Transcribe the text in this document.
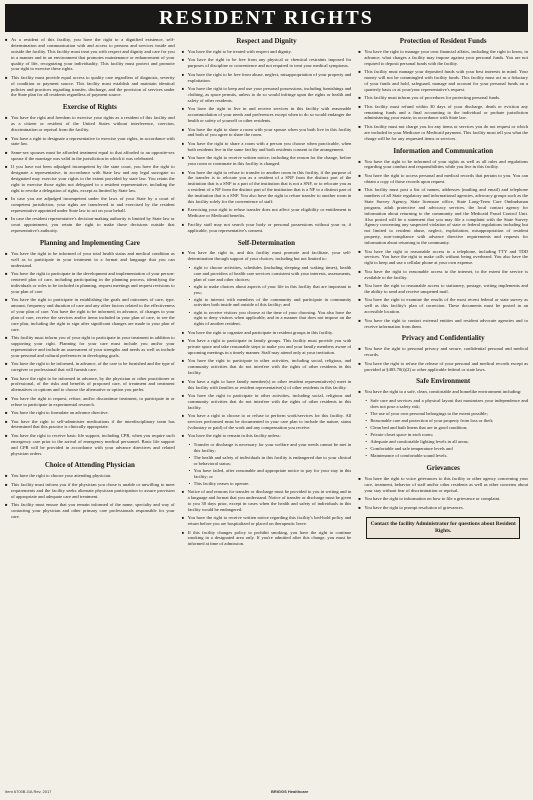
RESIDENT RIGHTS

■ As a resident of this facility, you have the right to a dignified existence, self-determination and communication with and access to persons and services inside and outside the facility. This facility must treat you with respect and dignity and care for you in a manner and in an environment that promotes maintenance or enhancement of your quality of life, recognizing your individuality. This facility must protect and promote your right to exercise these rights.

■ This facility must provide equal access to quality care regardless of diagnosis, severity of condition or payment source. This facility must establish and maintain identical policies and practices regarding transfer, discharge, and the provision of services under the State plan for all residents regardless of payment source.

Exercise of Rights

■ You have the right and freedom to exercise your rights as a resident of this facility and as a citizen or resident of the United States without interference, coercion, discrimination or reprisal from the facility.

■ You have a right to designate a representative to exercise your rights, in accordance with state law.

■ Same-sex spouses must be afforded treatment equal to that afforded to an opposite-sex spouse if the marriage was valid in the jurisdiction in which it was celebrated.

■ If you have not been adjudged incompetent by the state court, you have the right to designate a representative, in accordance with State law and any legal surrogate so designated may exercise your rights to the extent provided by state law. You retain the right to exercise those rights not delegated to a resident representative, including the right to revoke a delegation of rights, except as limited by State law.

■ In case you are adjudged incompetent under the laws of your State by a court of competent jurisdiction, your rights are transferred to and exercised by the resident representative appointed under State law to act on your behalf.

■ In case the resident representative's decision-making authority is limited by State law or court appointment, you retain the right to make those decisions outside that representative's authority.

Planning and Implementing Care

■ You have the right to be informed of your total health status and medical condition as well as to participate in your treatment in a format and language that you can understand.

■ You have the right to participate in the development and implementation of your person-centered plan of care, including participating in the planning process, identifying the individuals or roles to be included in planning, request meetings and request revisions to your plan of care.

■ You have the right to participate in establishing the goals and outcomes of care, type, amount, frequency and duration of care and any other factors related to the effectiveness of your plan of care. You have the right to be informed, in advance, of changes to your plan of care, receive the services and/or items included in your plan of care, to see the care plan, including the right to sign after significant changes are made to your plan of care.

■ This facility must inform you of your right to participate in your treatment in addition to supporting your right. Planning for your care must include you and/or your representative and include an assessment of your strengths and needs as well as include your personal and cultural preferences in developing goals.

■ You have the right to be informed, in advance, of the care to be furnished and the type of caregiver or professional that will furnish care.

■ You have the right to be informed in advance, by the physician or other practitioner or professional, of the risks and benefits of proposed care, of treatment and treatment alternatives or options and to choose the alternative or option you prefer.

■ You have the right to request, refuse, and/or discontinue treatment, to participate in or refuse to participate in experimental research.

■ You have the right to formulate an advance directive.

■ You have the right to self-administer medications if the interdisciplinary team has determined that this practice is clinically appropriate.

■ You have the right to receive basic life support, including CPR, when you require such emergency care prior to the arrival of emergency medical personnel. Basic life support and CPR will be provided in accordance with your advance directives and related physician orders.

Choice of Attending Physician

■ You have the right to choose your attending physician.

■ This facility must inform you if the physician you chose is unable or unwilling to meet requirements and the facility seeks alternate physician participation to assure provision of appropriate and adequate care and treatment.

■ This facility must ensure that you remain informed of the name, specialty and way of contacting your physician and other primary care professionals responsible for your care.

Respect and Dignity

■ You have the right to be treated with respect and dignity.

■ You have the right to be free from any physical or chemical restraints imposed for purposes of discipline or convenience and not required to treat your medical symptoms.

■ You have the right to be free from abuse, neglect, misappropriation of your property and exploitation.

■ You have the right to keep and use your personal possessions, including furnishings and clothing, as space permits, unless to do so would infringe upon the rights or health and safety of other residents.

■ You have the right to live in and receive services in this facility with reasonable accommodation of your needs and preferences except when to do so would endanger the health or safety of yourself or other residents.

■ You have the right to share a room with your spouse when you both live in this facility and both of you agree to share the room.

■ You have the right to share a room with a person you choose when practicable, when both residents live in the same facility and both residents consent to the arrangement.

■ You have the right to receive written notice, including the reason for the change, before your room or roommate in this facility is changed.

■ You have the right to refuse to transfer to another room in this facility, if the purpose of the transfer is to relocate you as a resident of a SNF from the distinct part of the institution that is a SNF to a part of the institution that is not a SNF, or to relocate you as a resident of a NF from the distinct part of the institution that is a NF to a distinct part of the institution that is a SNF. You also have the right to refuse transfer to another room in this facility solely for the convenience of staff.

■ Exercising your right to refuse transfer does not affect your eligibility or entitlement to Medicare or Medicaid benefits.

■ Facility staff may not search your body or personal possessions without your or, if applicable, your representative's consent.

Self-Determination

■ You have the right to, and this facility must promote and facilitate, your self-determination through support of your choices, including but not limited to:

• right to choose activities, schedules (including sleeping and waking times), health care and providers of health care services consistent with your interests, assessments, plan of care and other choices;
• right to make choices about aspects of your life in this facility that are important to you;
• right to interact with members of the community and participate in community activities both inside and outside of this facility; and
• right to receive visitors you choose at the time of your choosing. You also have the right to deny visitors when applicable, and in a manner that does not impose on the rights of another resident.

■ You have the right to organize and participate in resident groups in this facility.

■ You have a right to participate in family groups. This facility must provide you with private space and take reasonable steps to make you and your family members aware of upcoming meetings in a timely manner. Staff may attend only at your invitation.

■ You have the right to participate in other activities, including social, religious, and community activities that do not interfere with the rights of other residents in this facility.

■ You have a right to have family member(s) or other resident representative(s) meet in this facility with families or resident representative(s) of other residents in this facility.

■ You have the right to participate in other activities, including social, religious and community activities that do not interfere with the rights of other residents in this facility.

■ You have a right to choose to or refuse to perform work/services for this facility. All services performed must be documented in your care plan to include the nature, status (voluntary or paid) of the work and any compensation you receive.

■ You have the right to remain in this facility unless:

• Transfer or discharge is necessary for your welfare and your needs cannot be met in this facility;
• The health and safety of individuals in this facility is endangered due to your clinical or behavioral status;
• You have failed, after reasonable and appropriate notice to pay for your stay in this facility; or
• This facility ceases to operate.

■ Notice of and reasons for transfer or discharge must be provided to you in writing and in a language and format that you understand. Notice of transfer or discharge must be given to you 30 days prior, except in cases when the health and safety of individuals in this facility would be endangered.

■ You have the right to receive written notice regarding this facility's bed-hold policy and return before you are hospitalized or placed on therapeutic leave.

■ If this facility changes policy to prohibit smoking, you have the right to continue smoking in a designated area only. If you're admitted after this change, you must be informed at time of admission.

Protection of Resident Funds

■ You have the right to manage your own financial affairs, including the right to know, in advance, what charges a facility may impose against your personal funds. You are not required to deposit personal funds with the facility.

■ This facility must manage your deposited funds with your best interests in mind. Your money will not be commingled with facility funds. This facility must act as a fiduciary of your funds and hold, safeguard, manage and account for your personal funds on a quarterly basis or at your/your representative's request.

■ This facility must inform you of procedures for protecting personal funds.

■ This facility must refund within 30 days of your discharge, death or eviction any remaining funds and a final accounting to the individual or probate jurisdiction administering your estate, in accordance with State law.

■ This facility must not charge you for any items or services you do not request or which are included in your Medicare or Medicaid payment. This facility must tell you what the charge will be for any requested items or services.

Information and Communication

■ You have the right to be informed of your rights as well as all rules and regulations regarding your conduct and responsibilities while you live in this facility.

■ You have the right to access personal and medical records that pertain to you. You can obtain a copy of those records upon request.

■ This facility must post a list of names, addresses (mailing and email) and telephone numbers of all State regulatory and informational agencies, advocacy groups such as the State Survey Agency, State licensure office, State Long-Term Care Ombudsman program, adult protective and advocacy services, the local contact agency for information about returning to the community and the Medicaid Fraud Control Unit. Also posted will be a statement that you may file a complaint with the State Survey Agency concerning any suspected violation of state or federal regulations including but not limited to resident abuse, neglect, exploitation, misappropriation of resident property, non-compliance with advance directive requirements and requests for information about returning to the community.

■ You have the right to reasonable access to a telephone, including TTY and TDD services. You have the right to make calls without being overheard. You also have the right to keep and use a cellular phone at your own expense.

■ You have the right to reasonable access to the internet, to the extent the service is available to the facility.

■ You have the right to reasonable access to stationery, postage, writing implements and the ability to send and receive unopened mail.

■ You have the right to examine the results of the most recent federal or state survey as well as this facility's plan of correction. These documents must be posted in an accessible location.

■ You have the right to contact external entities and resident advocate agencies and to receive information from them.

Privacy and Confidentiality

■ You have the right to personal privacy and secure, confidential personal and medical records.

■ You have the right to refuse the release of your personal and medical records except as provided at §483.70(i)(2) or other applicable federal or state laws.

Safe Environment

■ You have the right to a safe, clean, comfortable and homelike environment including:

• Safe care and services and a physical layout that maximizes your independence and does not pose a safety risk;
• The use of your own personal belongings to the extent possible;
• Reasonable care and protection of your property from loss or theft;
• Clean bed and bath linens that are in good condition;
• Private closet space in each room;
• Adequate and comfortable lighting levels in all areas;
• Comfortable and safe temperature levels and
• Maintenance of comfortable sound levels.
Grievances

■ You have the right to voice grievances to this facility or other agency concerning your care, treatment, behavior of staff and/or other residents as well as other concerns about your stay without fear of discrimination or reprisal.

■ You have the right to information on how to file a grievance or complaint.

■ You have the right to prompt resolution of grievances.

Contact the facility Administrator for questions about Resident Rights.
Item 6700B-GA Rev. 2017	BRIGGS Healthcare
